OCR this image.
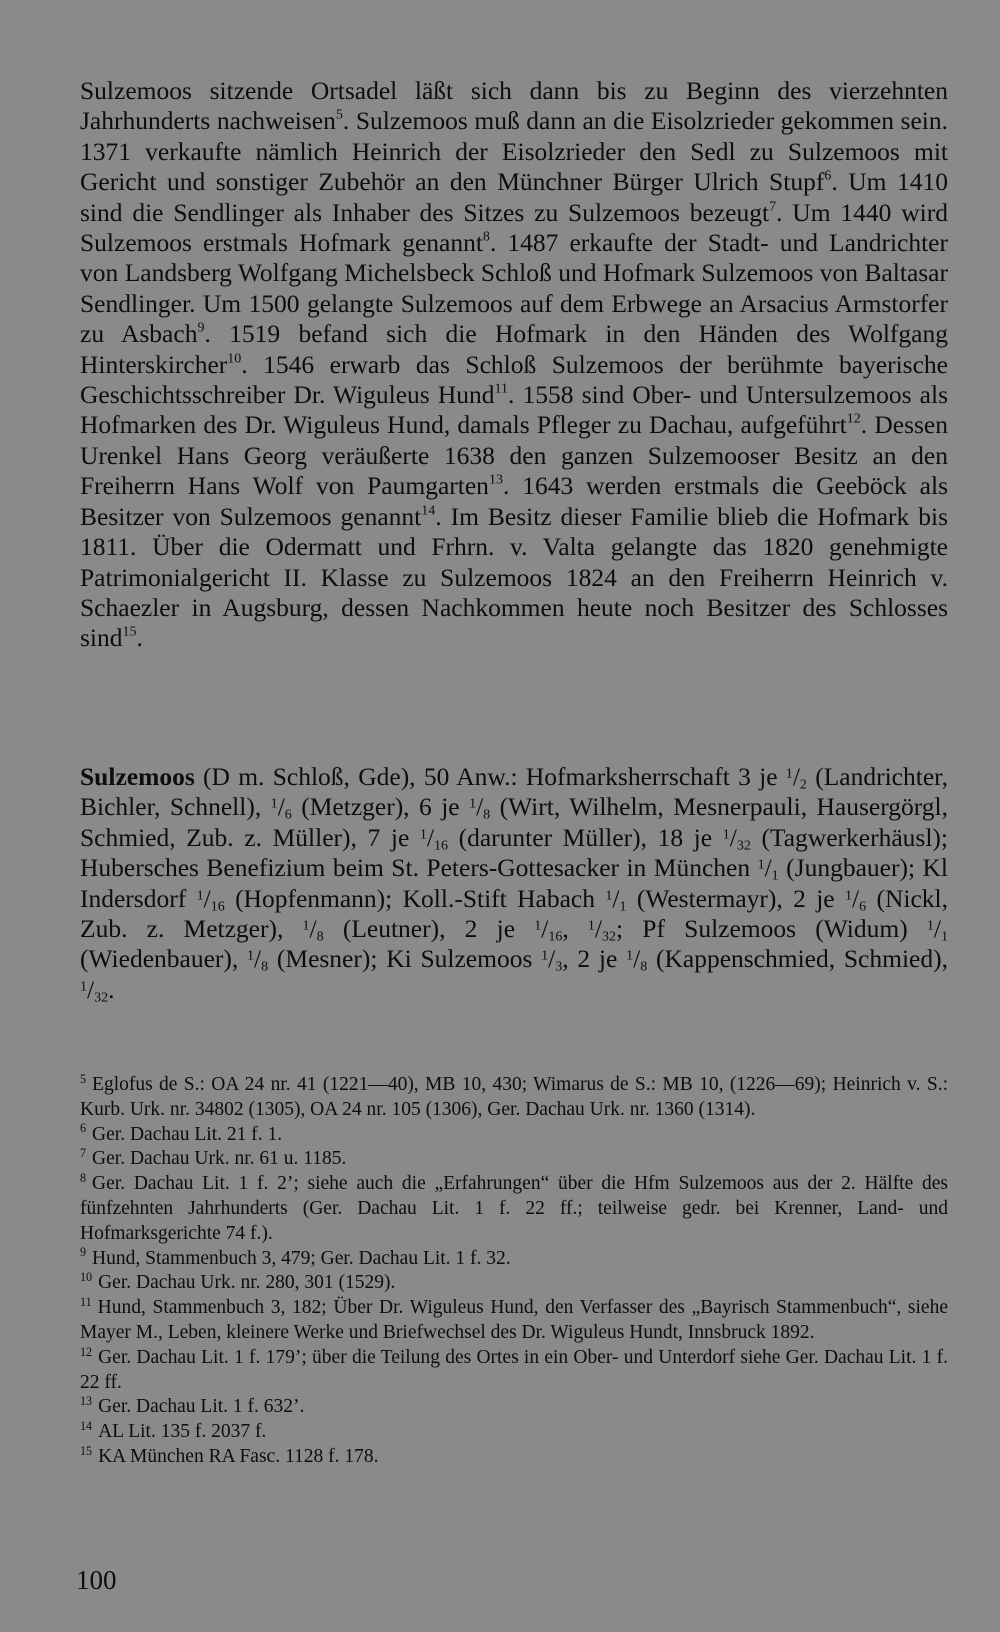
Sulzemoos sitzende Ortsadel läßt sich dann bis zu Beginn des vierzehnten Jahrhunderts nachweisen$^5$. Sulzemoos muß dann an die Eisolzrieder gekommen sein. 1371 verkaufte nämlich Heinrich der Eisolzrieder den Sedl zu Sulzemoos mit Gericht und sonstiger Zubehör an den Münchner Bürger Ulrich Stupf$^6$. Um 1410 sind die Sendlinger als Inhaber des Sitzes zu Sulzemoos bezeugt$^7$. Um 1440 wird Sulzemoos erstmals Hofmark genannt$^8$. 1487 erkaufte der Stadt- und Landrichter von Landsberg Wolfgang Michelsbeck Schloß und Hofmark Sulzemoos von Baltasar Sendlinger. Um 1500 gelangte Sulzemoos auf dem Erbwege an Arsacius Armstorfer zu Asbach$^9$. 1519 befand sich die Hofmark in den Händen des Wolfgang Hinterskircher$^{10}$. 1546 erwarb das Schloß Sulzemoos der berühmte bayerische Geschichtsschreiber Dr. Wiguleus Hund$^{11}$. 1558 sind Ober- und Untersulzemoos als Hofmarken des Dr. Wiguleus Hund, damals Pfleger zu Dachau, aufgeführt$^{12}$. Dessen Urenkel Hans Georg veräußerte 1638 den ganzen Sulzemooser Besitz an den Freiherrn Hans Wolf von Paumgarten$^{13}$. 1643 werden erstmals die Geeböck als Besitzer von Sulzemoos genannt$^{14}$. Im Besitz dieser Familie blieb die Hofmark bis 1811. Über die Odermatt und Frhrn. v. Valta gelangte das 1820 genehmigte Patrimonialgericht II. Klasse zu Sulzemoos 1824 an den Freiherrn Heinrich v. Schaezler in Augsburg, dessen Nachkommen heute noch Besitzer des Schlosses sind$^{15}$.

Sulzemoos (D m. Schloß, Gde), 50 Anw.: Hofmarksherrschaft 3 je $^1/_2$ (Landrichter, Bichler, Schnell), $^1/_6$ (Metzger), 6 je $^1/_8$ (Wirt, Wilhelm, Mesnerpauli, Hausergörgl, Schmied, Zub. z. Müller), 7 je $^1/_{16}$ (darunter Müller), 18 je $^1/_{32}$ (Tagwerkerhäusl); Hubersches Benefizium beim St. Peters-Gottesacker in München $^1/_1$ (Jungbauer); Kl Indersdorf $^1/_{16}$ (Hopfenmann); Koll.-Stift Habach $^1/_1$ (Westermayr), 2 je $^1/_6$ (Nickl, Zub. z. Metzger), $^1/_8$ (Leutner), 2 je $^1/_{16}$, $^1/_{32}$; Pf Sulzemoos (Widum) $^1/_1$ (Wiedenbauer), $^1/_8$ (Mesner); Ki Sulzemoos $^1/_3$, 2 je $^1/_8$ (Kappenschmied, Schmied), $^1/_{32}$.

$^5$ Eglofus de S.: OA 24 nr. 41 (1221—40), MB 10, 430; Wimarus de S.: MB 10, (1226—69); Heinrich v. S.: Kurb. Urk. nr. 34802 (1305), OA 24 nr. 105 (1306), Ger. Dachau Urk. nr. 1360 (1314).
$^6$ Ger. Dachau Lit. 21 f. 1.
$^7$ Ger. Dachau Urk. nr. 61 u. 1185.
$^8$ Ger. Dachau Lit. 1 f. 2’; siehe auch die „Erfahrungen“ über die Hfm Sulzemoos aus der 2. Hälfte des fünfzehnten Jahrhunderts (Ger. Dachau Lit. 1 f. 22 ff.; teilweise gedr. bei Krenner, Land- und Hofmarksgerichte 74 f.).
$^9$ Hund, Stammenbuch 3, 479; Ger. Dachau Lit. 1 f. 32.
$^{10}$ Ger. Dachau Urk. nr. 280, 301 (1529).
$^{11}$ Hund, Stammenbuch 3, 182; Über Dr. Wiguleus Hund, den Verfasser des „Bayrisch Stammenbuch“, siehe Mayer M., Leben, kleinere Werke und Briefwechsel des Dr. Wiguleus Hundt, Innsbruck 1892.
$^{12}$ Ger. Dachau Lit. 1 f. 179’; über die Teilung des Ortes in ein Ober- und Unterdorf siehe Ger. Dachau Lit. 1 f. 22 ff.
$^{13}$ Ger. Dachau Lit. 1 f. 632’.
$^{14}$ AL Lit. 135 f. 2037 f.
$^{15}$ KA München RA Fasc. 1128 f. 178.
100
